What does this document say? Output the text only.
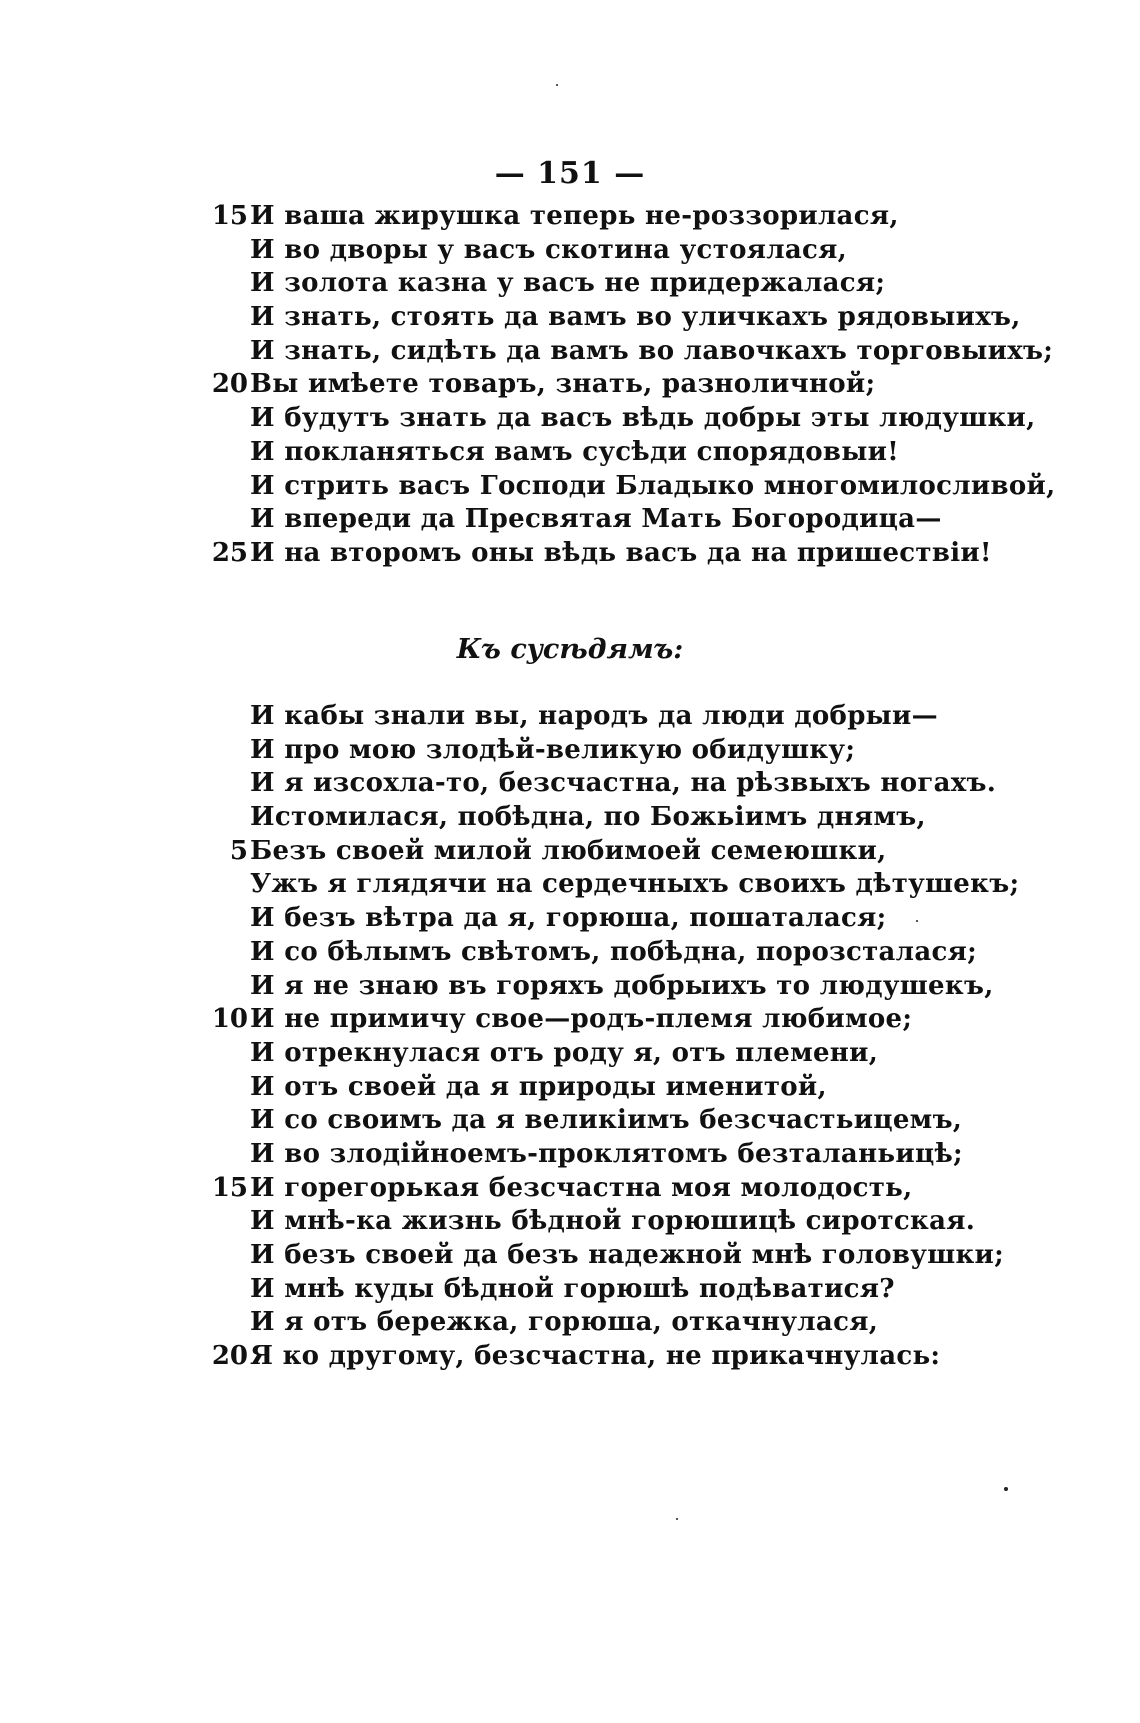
— 151 —
15 И ваша жирушка теперь не-роззорилася,
И во дворы у васъ скотина устоялася,
И золота казна у васъ не придержалася;
И знать, стоять да вамъ во уличкахъ рядовыихъ,
И знать, сидѣть да вамъ во лавочкахъ торговыихъ;
20 Вы имѣете товаръ, знать, разноличной;
И будутъ знать да васъ вѣдь добры эты людушки,
И покланяться вамъ сусѣди спорядовыи!
И стрить васъ Господи Бладыко многомилосливой,
И впереди да Пресвятая Мать Богородица—
25 И на второмъ оны вѣдь васъ да на пришествіи!
Къ сусѣдямъ:
И кабы знали вы, народъ да люди добрыи—
И про мою злодѣй-великую обидушку;
И я изсохла-то, безсчастна, на рѣзвыхъ ногахъ.
Истомилася, побѣдна, по Божьіимъ днямъ,
5 Безъ своей милой любимоей семеюшки,
Ужъ я глядячи на сердечныхъ своихъ дѣтушекъ;
И безъ вѣтра да я, горюша, пошаталася;
И со бѣлымъ свѣтомъ, побѣдна, порозсталася;
И я не знаю въ горяхъ добрыихъ то людушекъ,
10 И не примичу свое—родъ-племя любимое;
И отрекнулася отъ роду я, отъ племени,
И отъ своей да я природы именитой,
И со своимъ да я великіимъ безсчастьицемъ,
И во злодійноемъ-проклятомъ безталаньицѣ;
15 И горегорькая безсчастна моя молодость,
И мнѣ-ка жизнь бѣдной горюшицѣ сиротская.
И безъ своей да безъ надежной мнѣ головушки;
И мнѣ куды бѣдной горюшѣ подѣватися?
И я отъ бережка, горюша, откачнулася,
20 Я ко другому, безсчастна, не прикачнулась:
